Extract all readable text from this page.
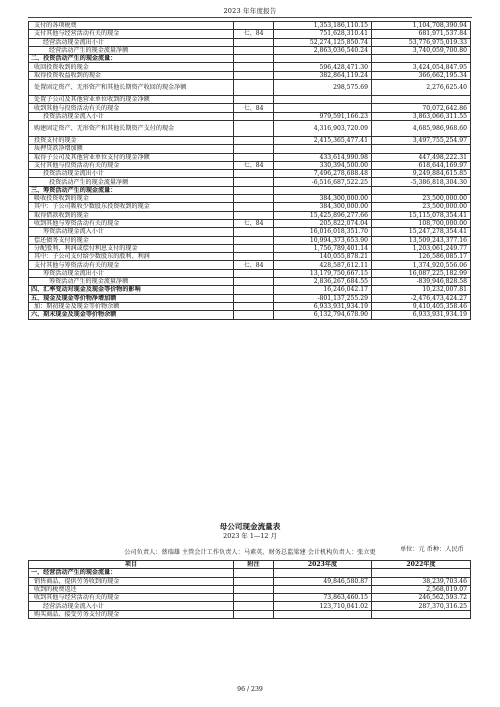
2023 年年度报告
支付的各项税费		1,353,186,110.15	1,104,708,390.94
支付其他与经营活动有关的现金	七、84	751,628,310.41	681,971,537.84
经营活动现金流出小计		52,274,125,850.74	53,776,975,019.33
经营活动产生的现金流量净额		2,863,036,540.24	3,740,059,700.80
二、投资活动产生的现金流量：			
收回投资收到的现金		596,428,471.30	3,424,054,847.95
取得投资收益收到的现金		382,864,119.24	366,662,195.34
处置固定资产、无形资产和其他长期资产收回的现金净额		298,575.69	2,276,625.40
处置子公司及其他营业单位收到的现金净额			
收到其他与投资活动有关的现金	七、84		70,072,642.86
投资活动现金流入小计		979,591,166.23	3,863,066,311.55
购建固定资产、无形资产和其他长期资产支付的现金		4,316,903,720.09	4,685,986,968.60
投资支付的现金		2,415,365,477.41	3,497,755,254.97
质押贷款净增加额			
取得子公司及其他营业单位支付的现金净额		433,614,990.98	447,498,222.31
支付其他与投资活动有关的现金	七、84	330,394,500.00	618,644,169.97
投资活动现金流出小计		7,496,278,688.48	9,249,884,615.85
投资活动产生的现金流量净额		-6,516,687,522.25	-5,386,818,304.30
三、筹资活动产生的现金流量：			
吸收投资收到的现金		384,300,000.00	23,500,000.00
其中：子公司吸收少数股东投资收到的现金		384,300,000.00	23,500,000.00
取得借款收到的现金		15,425,896,277.66	15,115,078,354.41
收到其他与筹资活动有关的现金	七、84	205,822,074.04	108,700,000.00
筹资活动现金流入小计		16,016,018,351.70	15,247,278,354.41
偿还债务支付的现金		10,994,373,653.90	13,509,243,377.16
分配股利、利润或偿付利息支付的现金		1,756,789,401.14	1,203,061,249.77
其中：子公司支付给少数股东的股利、利润		140,055,878.21	126,586,085.17
支付其他与筹资活动有关的现金	七、84	428,587,612.11	1,374,920,556.06
筹资活动现金流出小计		13,179,750,667.15	16,087,225,182.99
筹资活动产生的现金流量净额		2,836,267,684.55	-839,946,828.58
四、汇率变动对现金及现金等价物的影响		16,246,042.17	10,232,007.81
五、现金及现金等价物净增加额		-801,137,255.29	-2,476,473,424.27
加：期初现金及现金等价物余额		6,933,931,934.19	9,410,405,358.46
六、期末现金及现金等价物余额		6,132,794,678.90	6,933,931,934.19
公司负责人：蔡瑞雄 主管会计工作负责人：马素英、财务总监梁建 会计机构负责人：张立更
母公司现金流量表
2023 年 1—12 月
单位：元 币种：人民币
项目	附注	2023年度	2022年度
一、经营活动产生的现金流量：			
销售商品、提供劳务收到的现金		49,846,580.87	38,239,703.46
收到的税费返还			2,568,019.07
收到其他与经营活动有关的现金		73,863,460.15	246,562,593.72
经营活动现金流入小计		123,710,041.02	287,370,316.25
购买商品、接受劳务支付的现金			
96 / 239
